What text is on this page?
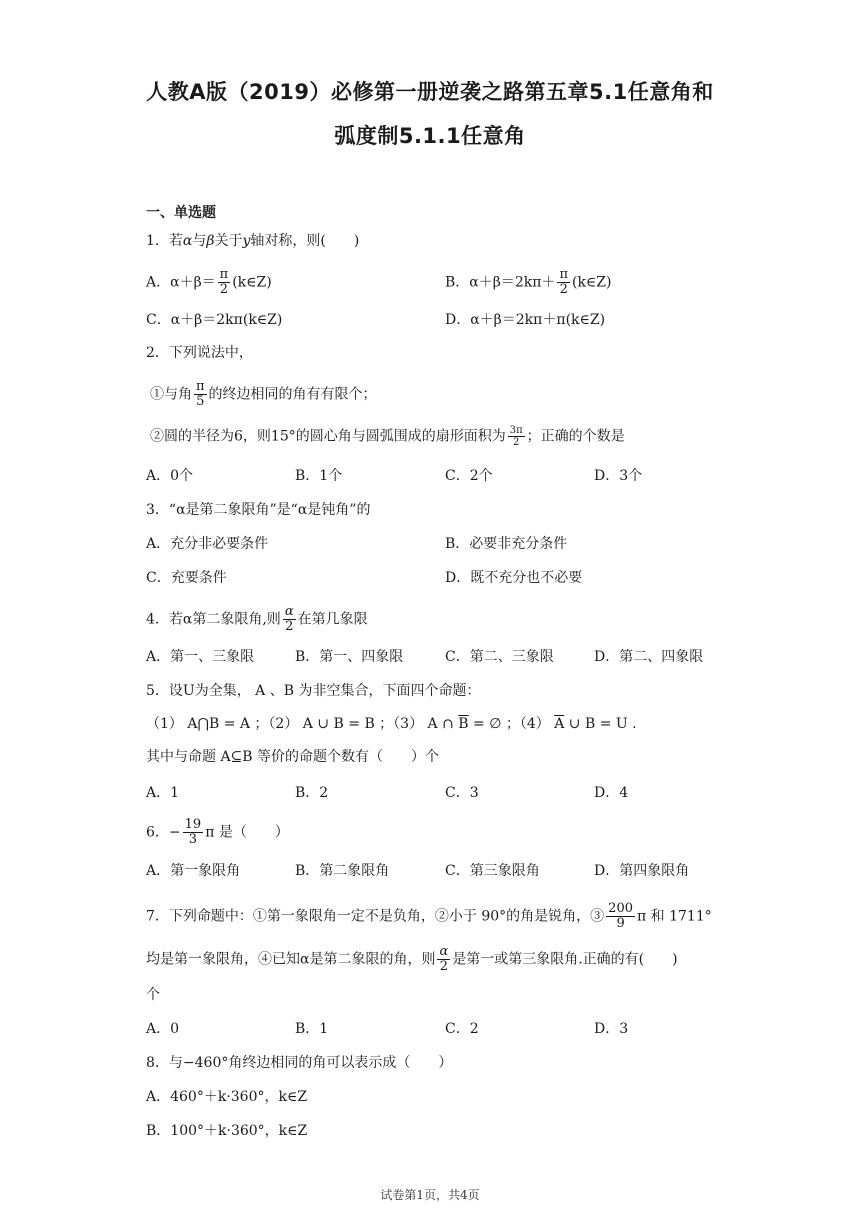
人教A版（2019）必修第一册逆袭之路第五章5.1任意角和
弧度制5.1.1任意角
一、单选题
1．若α与β关于y轴对称，则(　　)
A．$\alpha+\beta= \frac{\pi}{2}$ (k∈Z)	B．$\alpha+\beta=2k\pi+ \frac{\pi}{2}$ (k∈Z)
C．α＋β＝2kπ(k∈Z)	D．α＋β＝2kπ＋π(k∈Z)
2．下列说法中，
①与角 $\frac{\pi}{5}$ 的终边相同的角有有限个；
②圆的半径为6，则15°的圆心角与圆弧围成的扇形面积为 $\frac{3\pi}{2}$ ；正确的个数是
A．0个	B．1个	C．2个	D．3个
3．“α是第二象限角”是“α是钝角”的
A．充分非必要条件	B．必要非充分条件
C．充要条件	D．既不充分也不必要
4．若α第二象限角,则 $\frac{\alpha}{2}$ 在第几象限
A．第一、三象限	B．第一、四象限	C．第二、三象限	D．第二、四象限
5．设U为全集， A 、B 为非空集合，下面四个命题：
（1） A⋂B = A ；（2） A ∪ B = B ；（3） A ∩ $\overline{B}$ = ∅ ；（4） $\overline{A}$ ∪ B = U .
其中与命题 A⊆B 等价的命题个数有（　　）个
A．1	B．2	C．3	D．4
6．− $\frac{19}{3}$ π 是（　　）
A．第一象限角	B．第二象限角	C．第三象限角	D．第四象限角
7．下列命题中：①第一象限角一定不是负角，②小于 90°的角是锐角，③ $\frac{200}{9}$ π 和 1711°
均是第一象限角，④已知α是第二象限的角，则 $\frac{\alpha}{2}$ 是第一或第三象限角.正确的有(　　)
个
A．0	B．1	C．2	D．3
8．与−460°角终边相同的角可以表示成（　　）
A．460°＋k·360°，k∈Z
B．100°＋k·360°，k∈Z
试卷第1页，共4页
